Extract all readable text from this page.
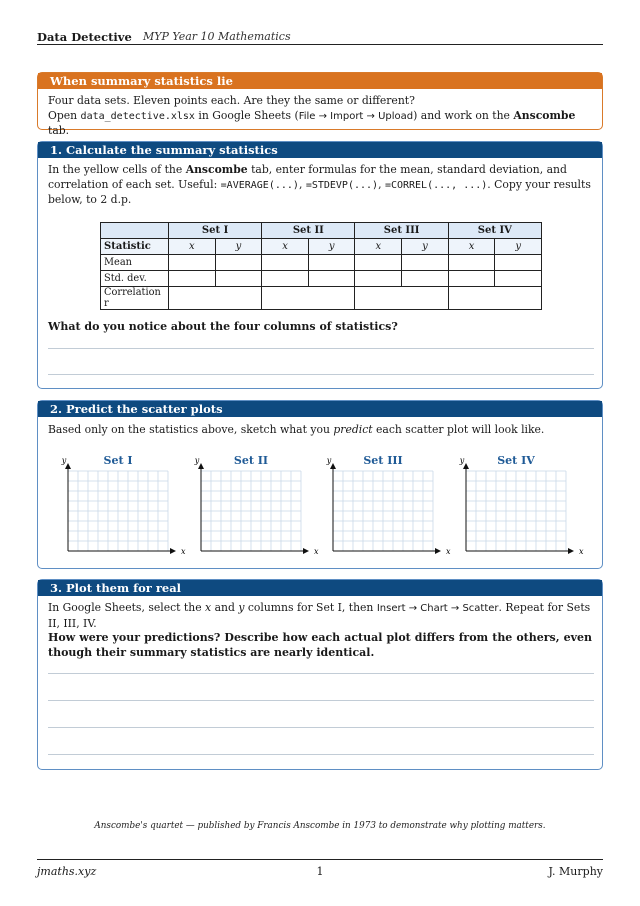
Data Detective MYP Year 10 Mathematics
When summary statistics lie
Four data sets. Eleven points each. Are they the same or different?
Open data_detective.xlsx in Google Sheets (File → Import → Upload) and work on the Anscombe tab.
1. Calculate the summary statistics
In the yellow cells of the Anscombe tab, enter formulas for the mean, standard deviation, and correlation of each set. Useful: =AVERAGE(...), =STDEVP(...), =CORREL(..., ...). Copy your results below, to 2 d.p.
	Set I		Set II		Set III		Set IV	
Statistic	x	y	x	y	x	y	x	y
Mean								
Std. dev.								
Correlation r								
What do you notice about the four columns of statistics?
2. Predict the scatter plots
Based only on the statistics above, sketch what you predict each scatter plot will look like.
Set I
x
y	Set II
x
y	Set III
x
y	Set IV
x
y
3. Plot them for real
In Google Sheets, select the x and y columns for Set I, then Insert → Chart → Scatter. Repeat for Sets II, III, IV.
How were your predictions? Describe how each actual plot differs from the others, even though their summary statistics are nearly identical.
Anscombe's quartet — published by Francis Anscombe in 1973 to demonstrate why plotting matters.
jmaths.xyz	1	J. Murphy
